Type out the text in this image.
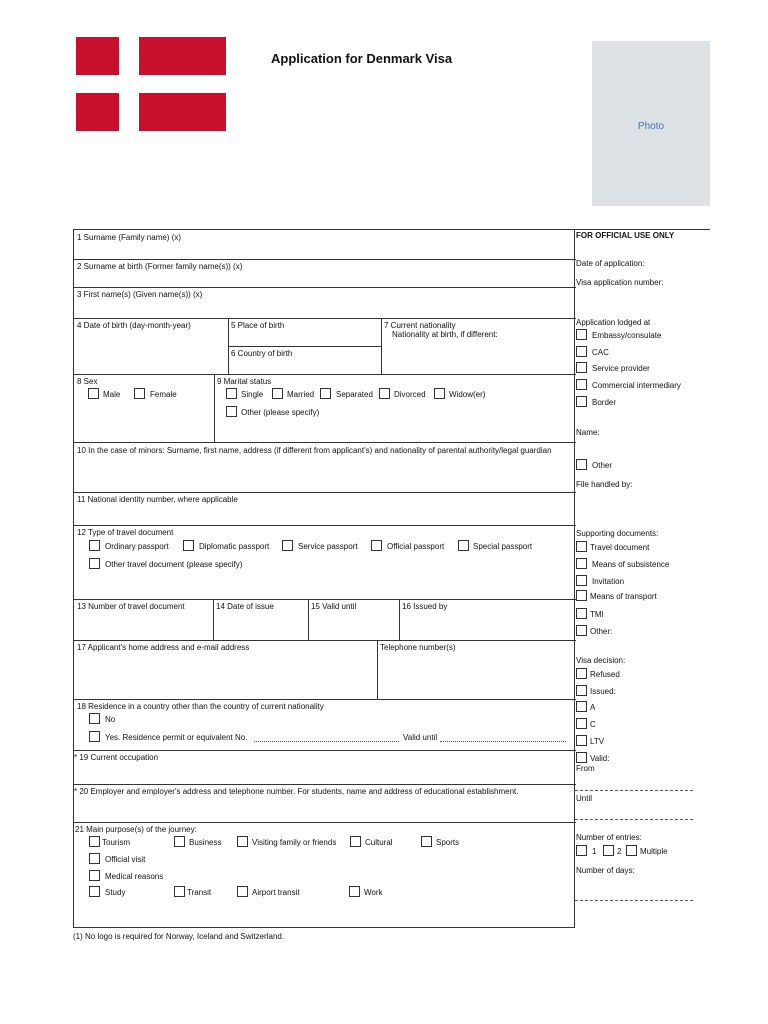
Application for Denmark Visa
Photo
1 Surname (Family name) (x)
2 Surname at birth (Former family name(s)) (x)
3 First name(s) (Given name(s)) (x)
4 Date of birth (day-month-year)	5 Place of birth
6 Country of birth
7 Current nationality
Nationality at birth, if different:
8 Sex
Male	Female
9 Marital status
Single	Married	Separated	Divorced	Widow(er)
Other (please specify)
10 In the case of minors: Surname, first name, address (if different from applicant's) and nationality of parental authority/legal guardian
11 National identity number, where applicable
12 Type of travel document
Ordinary passport	Diplomatic passport	Service passport	Official passport	Special passport
Other travel document (please specify)
13 Number of travel document	14 Date of issue	15 Valid until	16 Issued by
17 Applicant's home address and e-mail address	Telephone number(s)
18 Residence in a country other than the country of current nationality
No
Yes. Residence permit or equivalent No.	Valid until
* 19 Current occupation
* 20 Employer and employer's address and telephone number. For students, name and address of educational establishment.
21 Main purpose(s) of the journey:
Tourism	Business	Visiting family or friends	Cultural	Sports
Official visit
Medical reasons
Study	Transit	Airport transit	Work
FOR OFFICIAL USE ONLY
Date of application:
Visa application number:
Application lodged at
Embassy/consulate
CAC
Service provider
Commercial intermediary
Border
Name:
Other
File handled by:
Supporting documents:
Travel document
Means of subsistence
Invitation
Means of transport
TMI
Other:
Visa decision:
Refused
Issued:
A
C
LTV
Valid:
From
Until
Number of entries:
1	2 Multiple
Number of days:
(1) No logo is required for Norway, Iceland and Switzerland.
